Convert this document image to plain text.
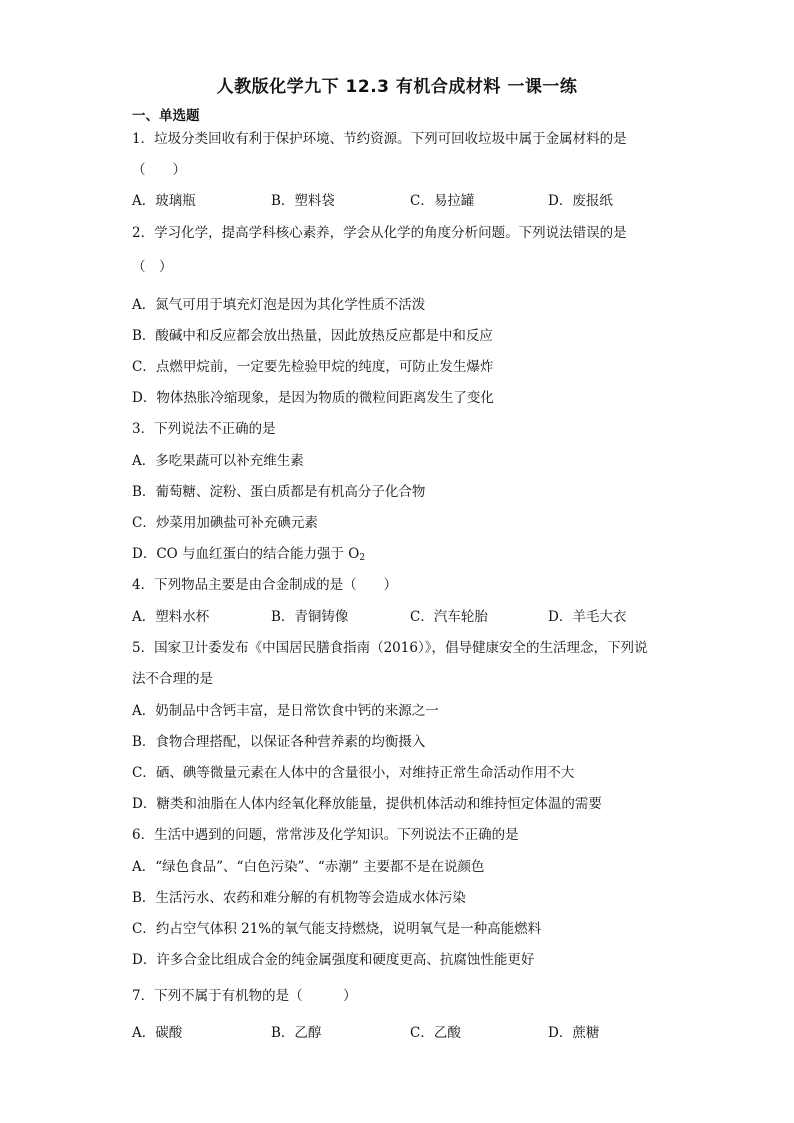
人教版化学九下 12.3 有机合成材料 一课一练
一、单选题
1．垃圾分类回收有利于保护环境、节约资源。下列可回收垃圾中属于金属材料的是
（　　）
A．玻璃瓶	B．塑料袋	C．易拉罐	D．废报纸
2．学习化学，提高学科核心素养，学会从化学的角度分析问题。下列说法错误的是
（　）
A．氮气可用于填充灯泡是因为其化学性质不活泼
B．酸碱中和反应都会放出热量，因此放热反应都是中和反应
C．点燃甲烷前，一定要先检验甲烷的纯度，可防止发生爆炸
D．物体热胀冷缩现象，是因为物质的微粒间距离发生了变化
3．下列说法不正确的是
A．多吃果蔬可以补充维生素
B．葡萄糖、淀粉、蛋白质都是有机高分子化合物
C．炒菜用加碘盐可补充碘元素
D．CO 与血红蛋白的结合能力强于 $O_2$
4．下列物品主要是由合金制成的是（　　）
A．塑料水杯	B．青铜铸像	C．汽车轮胎	D．羊毛大衣
5．国家卫计委发布《中国居民膳食指南（2016）》，倡导健康安全的生活理念，下列说
法不合理的是
A．奶制品中含钙丰富，是日常饮食中钙的来源之一
B．食物合理搭配，以保证各种营养素的均衡摄入
C．硒、碘等微量元素在人体中的含量很小，对维持正常生命活动作用不大
D．糖类和油脂在人体内经氧化释放能量，提供机体活动和维持恒定体温的需要
6．生活中遇到的问题，常常涉及化学知识。下列说法不正确的是
A．“绿色食品”、“白色污染”、“赤潮” 主要都不是在说颜色
B．生活污水、农药和难分解的有机物等会造成水体污染
C．约占空气体积 21%的氧气能支持燃烧，说明氧气是一种高能燃料
D．许多合金比组成合金的纯金属强度和硬度更高、抗腐蚀性能更好
7．下列不属于有机物的是（　　　）
A．碳酸	B．乙醇	C．乙酸	D．蔗糖
